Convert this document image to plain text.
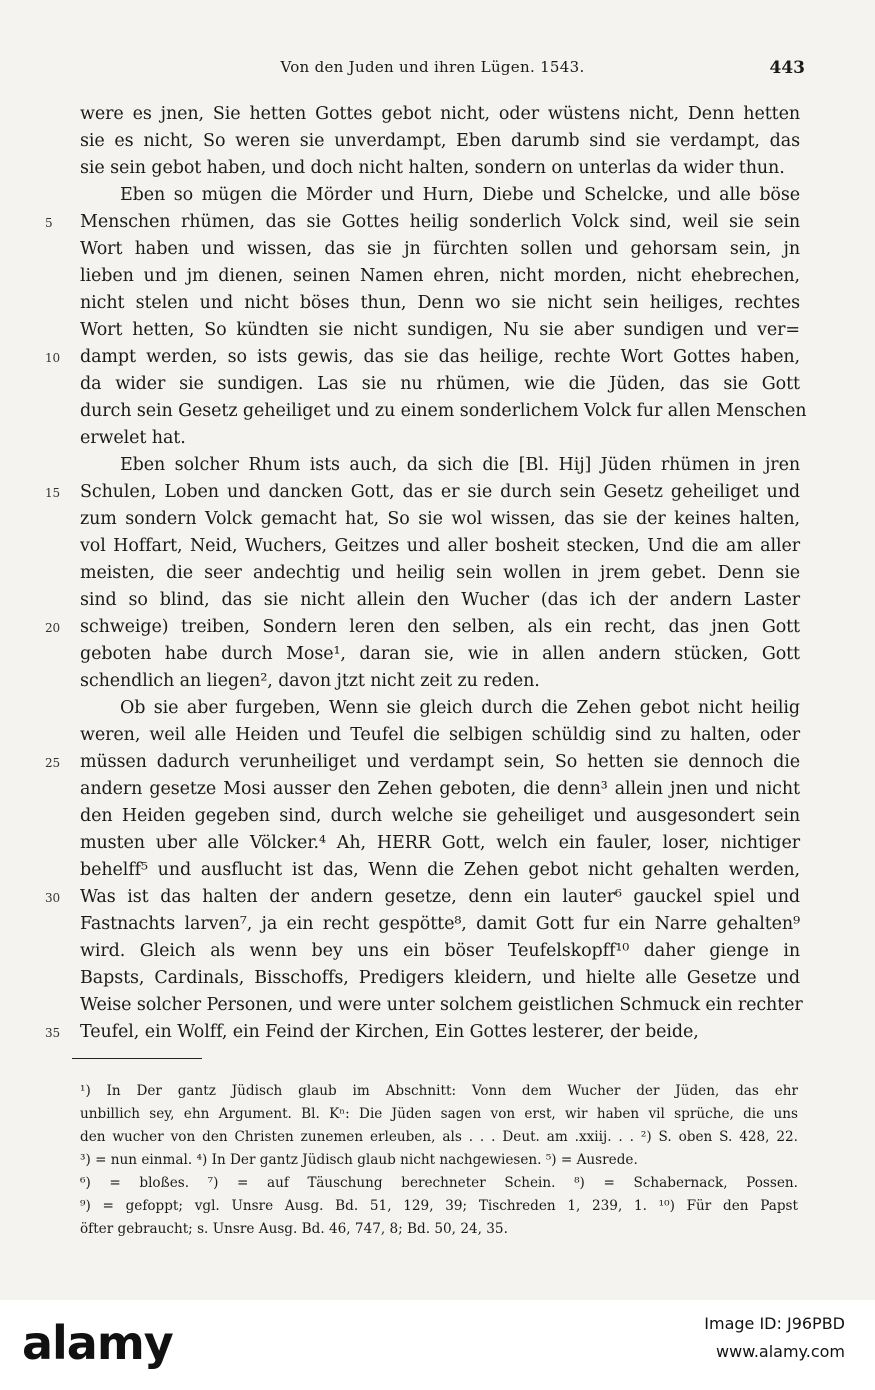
Von den Juden und ihren Lügen. 1543.	443
were es jnen, Sie hetten Gottes gebot nicht, oder wüstens nicht, Denn hetten
sie es nicht, So weren sie unverdampt, Eben darumb sind sie verdampt, das
sie sein gebot haben, und doch nicht halten, sondern on unterlas da wider thun.
Eben so mügen die Mörder und Hurn, Diebe und Schelcke, und alle böse
5	Menschen rhümen, das sie Gottes heilig sonderlich Volck sind, weil sie sein
Wort haben und wissen, das sie jn fürchten sollen und gehorsam sein, jn
lieben und jm dienen, seinen Namen ehren, nicht morden, nicht ehebrechen,
nicht stelen und nicht böses thun, Denn wo sie nicht sein heiliges, rechtes
Wort hetten, So kündten sie nicht sundigen, Nu sie aber sundigen und ver=
10	dampt werden, so ists gewis, das sie das heilige, rechte Wort Gottes haben,
da wider sie sundigen. Las sie nu rhümen, wie die Jüden, das sie Gott
durch sein Gesetz geheiliget und zu einem sonderlichem Volck fur allen Menschen
erwelet hat.
Eben solcher Rhum ists auch, da sich die [Bl. Hij] Jüden rhümen in jren
15	Schulen, Loben und dancken Gott, das er sie durch sein Gesetz geheiliget und
zum sondern Volck gemacht hat, So sie wol wissen, das sie der keines halten,
vol Hoffart, Neid, Wuchers, Geitzes und aller bosheit stecken, Und die am aller
meisten, die seer andechtig und heilig sein wollen in jrem gebet. Denn sie
sind so blind, das sie nicht allein den Wucher (das ich der andern Laster
20	schweige) treiben, Sondern leren den selben, als ein recht, das jnen Gott
geboten habe durch Mose¹, daran sie, wie in allen andern stücken, Gott
schendlich an liegen², davon jtzt nicht zeit zu reden.
Ob sie aber furgeben, Wenn sie gleich durch die Zehen gebot nicht heilig
weren, weil alle Heiden und Teufel die selbigen schüldig sind zu halten, oder
25	müssen dadurch verunheiliget und verdampt sein, So hetten sie dennoch die
andern gesetze Mosi ausser den Zehen geboten, die denn³ allein jnen und nicht
den Heiden gegeben sind, durch welche sie geheiliget und ausgesondert sein
musten uber alle Völcker.⁴ Ah, HERR Gott, welch ein fauler, loser, nichtiger
behelff⁵ und ausflucht ist das, Wenn die Zehen gebot nicht gehalten werden,
30	Was ist das halten der andern gesetze, denn ein lauter⁶ gauckel spiel und
Fastnachts larven⁷, ja ein recht gespötte⁸, damit Gott fur ein Narre gehalten⁹
wird. Gleich als wenn bey uns ein böser Teufelskopff¹⁰ daher gienge in
Bapsts, Cardinals, Bisschoffs, Predigers kleidern, und hielte alle Gesetze und
Weise solcher Personen, und were unter solchem geistlichen Schmuck ein rechter
35	Teufel, ein Wolff, ein Feind der Kirchen, Ein Gottes lesterer, der beide,
¹) In Der gantz Jüdisch glaub im Abschnitt: Vonn dem Wucher der Jüden, das ehr
unbillich sey, ehn Argument. Bl. Kⁿ: Die Jüden sagen von erst, wir haben vil sprüche, die uns
den wucher von den Christen zunemen erleuben, als . . . Deut. am .xxiij. . . ²) S. oben S. 428, 22.
³) = nun einmal. ⁴) In Der gantz Jüdisch glaub nicht nachgewiesen. ⁵) = Ausrede.
⁶) = bloßes. ⁷) = auf Täuschung berechneter Schein. ⁸) = Schabernack, Possen.
⁹) = gefoppt; vgl. Unsre Ausg. Bd. 51, 129, 39; Tischreden 1, 239, 1. ¹⁰) Für den Papst
öfter gebraucht; s. Unsre Ausg. Bd. 46, 747, 8; Bd. 50, 24, 35.
alamy	Image ID: J96PBD
www.alamy.com
